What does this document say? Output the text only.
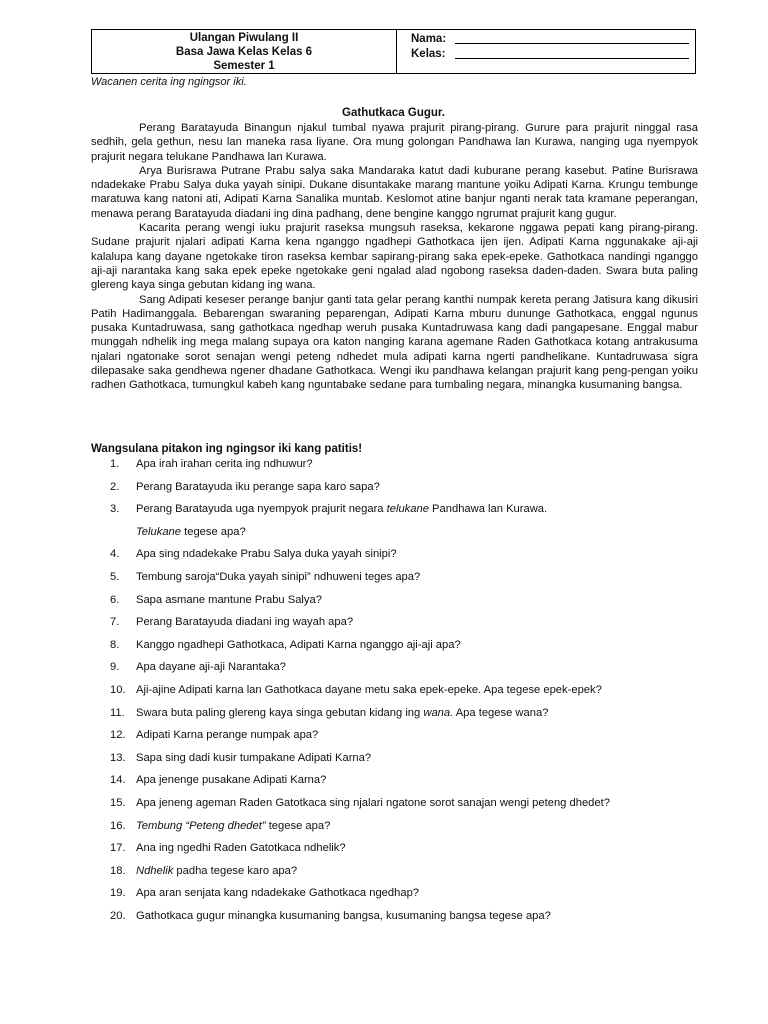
Ulangan Piwulang II
Basa Jawa Kelas Kelas 6
Semester 1
Nama:
Kelas:
Wacanen cerita ing ngingsor iki.
Gathutkaca Gugur.

Perang Baratayuda Binangun njakul tumbal nyawa prajurit pirang-pirang. Gurure para prajurit ninggal rasa sedhih, gela gethun, nesu lan maneka rasa liyane. Ora mung golongan Pandhawa lan Kurawa, nanging uga nyempyok prajurit negara telukane Pandhawa lan Kurawa.

Arya Burisrawa Putrane Prabu salya saka Mandaraka katut dadi kuburane perang kasebut. Patine Burisrawa ndadekake Prabu Salya duka yayah sinipi. Dukane disuntakake marang mantune yoiku Adipati Karna. Krungu tembunge maratuwa kang natoni ati, Adipati Karna Sanalika muntab. Keslomot atine banjur nganti nerak tata kramane peperangan, menawa perang Baratayuda diadani ing dina padhang, dene bengine kanggo ngrumat prajurit kang gugur.

Kacarita perang wengi iuku prajurit raseksa mungsuh raseksa, kekarone nggawa pepati kang pirang-pirang. Sudane prajurit njalari adipati Karna kena nganggo ngadhepi Gathotkaca ijen ijen. Adipati Karna nggunakake aji-aji kalalupa kang dayane ngetokake tiron raseksa kembar sapirang-pirang saka epek-epeke. Gathotkaca nandingi nganggo aji-aji narantaka kang saka epek epeke ngetokake geni ngalad alad ngobong raseksa daden-daden. Swara buta paling glereng kaya singa gebutan kidang ing wana.

Sang Adipati keseser perange banjur ganti tata gelar perang kanthi numpak kereta perang Jatisura kang dikusiri Patih Hadimanggala. Bebarengan swaraning peparengan, Adipati Karna mburu dunungе Gathotkaca, enggal ngunus pusaka Kuntadruwasa, sang gathotkaca ngedhap weruh pusaka Kuntadruwasa kang dadi pangapesane. Enggal mabur munggah ndhelik ing mega malang supaya ora katon nanging karana agemane Raden Gathotkaca kotang antrakusuma njalari ngatonake sorot senajan wengi peteng ndhedet mula adipati karna ngerti pandhelikane. Kuntadruwasa sigra dilepasake saka gendhewa ngener dhadane Gathotkaca. Wengi iku pandhawa kelangan prajurit kang peng-pengan yoiku radhen Gathotkaca, tumungkul kabeh kang nguntabake sedane para tumbaling negara, minangka kusumaning bangsa.

Wangsulana pitakon ing ngingsor iki kang patitis!
1.	Apa irah irahan cerita ing ndhuwur?
2.	Perang Baratayuda iku perange sapa karo sapa?
3.	Perang Baratayuda uga nyempyok prajurit negara telukane Pandhawa lan Kurawa.
Telukane tegese apa?
4.	Apa sing ndadekake Prabu Salya duka yayah sinipi?
5.	Tembung saroja“Duka yayah sinipi” ndhuweni teges apa?
6.	Sapa asmane mantune Prabu Salya?
7.	Perang Baratayuda diadani ing wayah apa?
8.	Kanggo ngadhepi Gathotkaca, Adipati Karna nganggo aji-aji apa?
9.	Apa dayane aji-aji Narantaka?
10. Aji-ajine Adipati karna lan Gathotkaca dayane metu saka epek-epeke. Apa tegese epek-epek?
11.	Swara buta paling glereng kaya singa gebutan kidang ing wana. Apa tegese wana?
12. Adipati Karna perange numpak apa?
13. Sapa sing dadi kusir tumpakane Adipati Karna?
14. Apa jenenge pusakane Adipati Karna?
15. Apa jeneng ageman Raden Gatotkaca sing njalari ngatone sorot sanajan wengi peteng dhedet?
16. Tembung “Peteng dhedet” tegese apa?
17. Ana ing ngedhi Raden Gatotkaca ndhelik?
18. Ndhelik padha tegese karo apa?
19. Apa aran senjata kang ndadekake Gathotkaca ngedhap?
20. Gathotkaca gugur minangka kusumaning bangsa, kusumaning bangsa tegese apa?
